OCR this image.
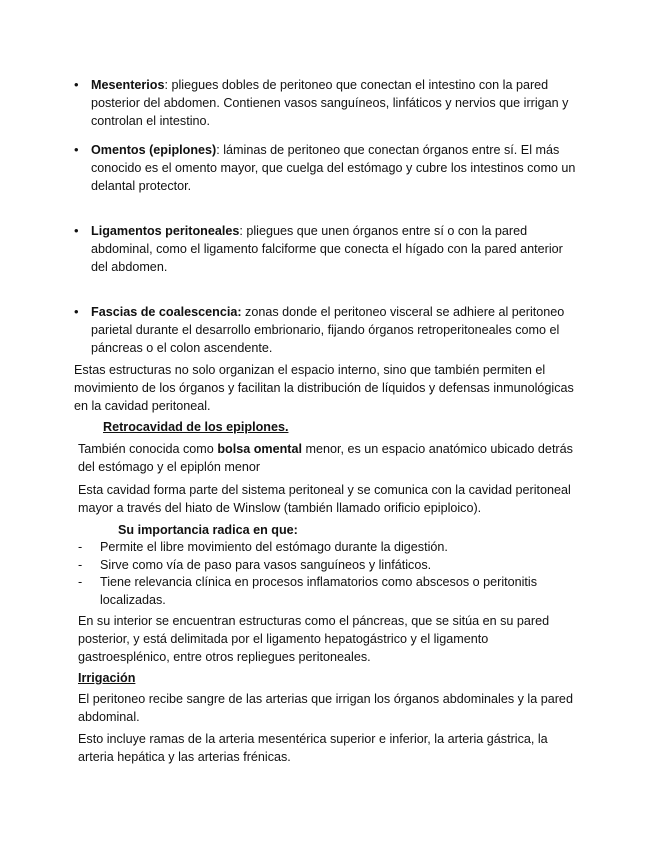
• Mesenterios: pliegues dobles de peritoneo que conectan el intestino con la pared posterior del abdomen. Contienen vasos sanguíneos, linfáticos y nervios que irrigan y controlan el intestino.
• Omentos (epiplones): láminas de peritoneo que conectan órganos entre sí. El más conocido es el omento mayor, que cuelga del estómago y cubre los intestinos como un delantal protector.
• Ligamentos peritoneales: pliegues que unen órganos entre sí o con la pared abdominal, como el ligamento falciforme que conecta el hígado con la pared anterior del abdomen.
• Fascias de coalescencia: zonas donde el peritoneo visceral se adhiere al peritoneo parietal durante el desarrollo embrionario, fijando órganos retroperitoneales como el páncreas o el colon ascendente.
Estas estructuras no solo organizan el espacio interno, sino que también permiten el movimiento de los órganos y facilitan la distribución de líquidos y defensas inmunológicas en la cavidad peritoneal.
Retrocavidad de los epiplones.
También conocida como bolsa omental menor, es un espacio anatómico ubicado detrás del estómago y el epiplón menor
Esta cavidad forma parte del sistema peritoneal y se comunica con la cavidad peritoneal mayor a través del hiato de Winslow (también llamado orificio epiploico).
Su importancia radica en que:
- Permite el libre movimiento del estómago durante la digestión.
- Sirve como vía de paso para vasos sanguíneos y linfáticos.
- Tiene relevancia clínica en procesos inflamatorios como abscesos o peritonitis localizadas.
En su interior se encuentran estructuras como el páncreas, que se sitúa en su pared posterior, y está delimitada por el ligamento hepatogástrico y el ligamento gastroesplénico, entre otros repliegues peritoneales.
Irrigación
El peritoneo recibe sangre de las arterias que irrigan los órganos abdominales y la pared abdominal.
Esto incluye ramas de la arteria mesentérica superior e inferior, la arteria gástrica, la arteria hepática y las arterias frénicas.
